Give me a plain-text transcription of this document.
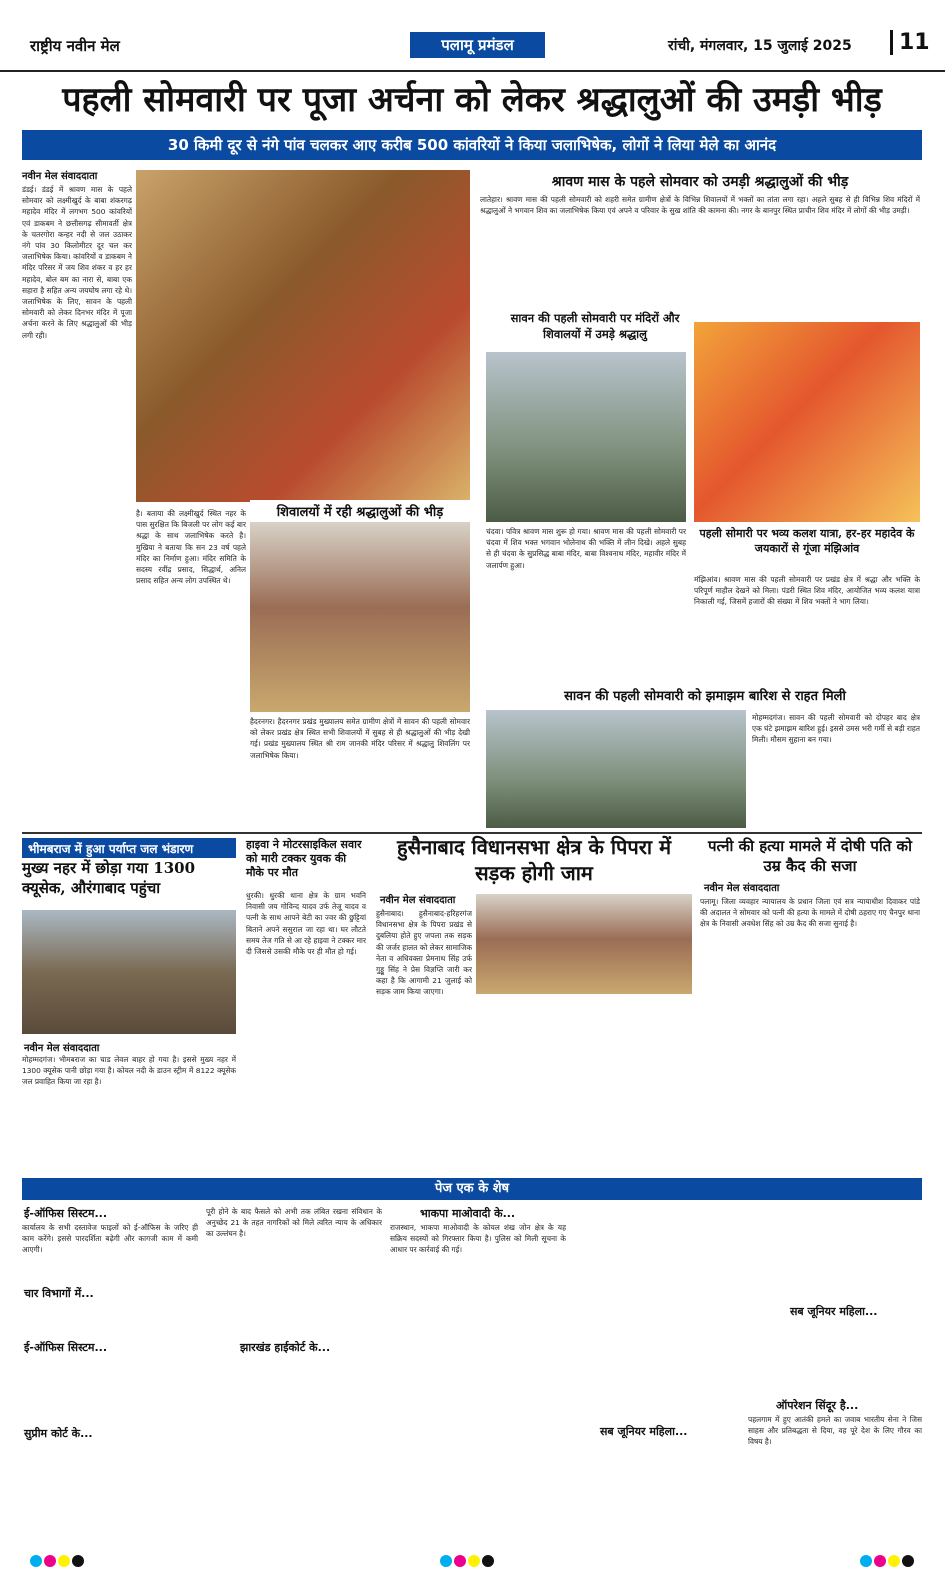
राष्ट्रीय नवीन मेल	पलामू प्रमंडल	रांची, मंगलवार, 15 जुलाई 2025	11
पहली सोमवारी पर पूजा अर्चना को लेकर श्रद्धालुओं की उमड़ी भीड़
30 किमी दूर से नंगे पांव चलकर आए करीब 500 कांवरियों ने किया जलाभिषेक, लोगों ने लिया मेले का आनंद
नवीन मेल संवाददाता
डंडई। डंडई में श्रावण मास के पहले सोमवार को लक्ष्मीखुर्द के बाबा शंकरगढ़ महादेव मंदिर में लगभग 500 कांवरियों एवं डाकबम ने छत्तीसगढ़ सीमावर्ती क्षेत्र के चतरगोरा कन्हर नदी से जल उठाकर नंगे पांव 30 किलोमीटर दूर चल कर जलाभिषेक किया। कांवरियों व डाकबम ने मंदिर परिसर में जय शिव शंकर व हर हर महादेव, बोल बम का नारा से, बाबा एक सहारा है सहित अन्य जयघोष लगा रहे थे। जलाभिषेक के लिए, सावन के पहली सोमवारी को लेकर दिनभर मंदिर में पूजा अर्चना करने के लिए श्रद्धालुओं की भीड़ लगी रही।
है। बताया की लक्ष्मीखुर्द स्थित नहर के पास सुरक्षित कि बिजली पर लोग कई बार श्रद्धा के साथ जलाभिषेक करते है। मुखिया ने बताया कि सन 23 वर्ष पहले मंदिर का निर्माण हुआ। मंदिर समिति के सदस्य रवींद्र प्रसाद, सिद्धार्थ, अनिल प्रसाद सहित अन्य लोग उपस्थित थे।
शिवालयों में रही श्रद्धालुओं की भीड़
हैदरनगर। हैदरनगर प्रखंड मुख्यालय समेत ग्रामीण क्षेत्रों में सावन की पहली सोमवार को लेकर प्रखंड क्षेत्र स्थित सभी शिवालयों में सुबह से ही श्रद्धालुओं की भीड़ देखी गई। प्रखंड मुख्यालय स्थित श्री राम जानकी मंदिर परिसर में श्रद्धालु शिवलिंग पर जलाभिषेक किया।
श्रावण मास के पहले सोमवार को उमड़ी श्रद्धालुओं की भीड़
लातेहार। श्रावण मास की पहली सोमवारी को शहरी समेत ग्रामीण क्षेत्रों के विभिन्न शिवालयों में भक्तों का तांता लगा रहा। अहले सुबह से ही विभिन्न शिव मंदिरों में श्रद्धालुओं ने भगवान शिव का जलाभिषेक किया एवं अपने व परिवार के सुख शांति की कामना की। नगर के बानपुर स्थित प्राचीन शिव मंदिर में लोगों की भीड़ उमड़ी।
सावन की पहली सोमवारी पर मंदिरों और शिवालयों में उमड़े श्रद्धालु
चंदवा। पवित्र श्रावण मास शुरू हो गया। श्रावण मास की पहली सोमवारी पर चंदवा में शिव भक्त भगवान भोलेनाथ की भक्ति में लीन दिखे। अहले सुबह से ही चंदवा के सुप्रसिद्ध बाबा मंदिर, बाबा विश्वनाथ मंदिर, महावीर मंदिर में जलार्पण हुआ।
पहली सोमारी पर भव्य कलश यात्रा, हर-हर महादेव के जयकारों से गूंजा मंझिआंव
मंझिआंव। श्रावण मास की पहली सोमवारी पर प्रखंड क्षेत्र में श्रद्धा और भक्ति के परिपूर्ण माहौल देखने को मिला। पंडरी स्थित शिव मंदिर, आयोजित भव्य कलश यात्रा निकाली गई, जिसमें हजारों की संख्या में शिव भक्तों ने भाग लिया।
सावन की पहली सोमवारी को झमाझम बारिश से राहत मिली
मोहम्मदगंज। सावन की पहली सोमवारी को दोपहर बाद क्षेत्र एक घंटे झमाझम बारिश हुई। इससे उमस भरी गर्मी से बड़ी राहत मिली। मौसम सुहाना बन गया।
भीमबराज में हुआ पर्याप्त जल भंडारण
मुख्य नहर में छोड़ा गया 1300 क्यूसेक, औरंगाबाद पहुंचा
नवीन मेल संवाददाता
मोहम्मदगंज। भीमबराज का चाड लेवल बाहर हो गया है। इससे मुख्य नहर में 1300 क्यूसेक पानी छोड़ा गया है। कोयल नदी के डाउन स्ट्रीम में 8122 क्यूसेक जल प्रवाहित किया जा रहा है।
हाइवा ने मोटरसाइकिल सवार को मारी टक्कर युवक की मौके पर मौत
धुरकी। धुरकी थाना क्षेत्र के ग्राम भवनि निवासी जय गोविन्द यादव उर्फ तेजू यादव व पत्नी के साथ आपने बेटी का ज्वर की छुट्टियां बिताने अपने ससुराल जा रहा था। घर लौटते समय तेज गति से आ रहे हाइवा ने टक्कर मार दी जिससे उसकी मौके पर ही मौत हो गई।
हुसैनाबाद विधानसभा क्षेत्र के पिपरा में सड़क होगी जाम
नवीन मेल संवाददाता
हुसैनाबाद। हुसैनाबाद-हरिहरगंज विधानसभा क्षेत्र के पिपरा प्रखंड से दुबलिया होते हुए जपला तक सड़क की जर्जर हालत को लेकर सामाजिक नेता व अधिवक्ता प्रेमनाथ सिंह उर्फ गुड्डू सिंह ने प्रेस विज्ञप्ति जारी कर कहा है कि आगामी 21 जुलाई को सड़क जाम किया जाएगा।
पत्नी की हत्या मामले में दोषी पति को उम्र कैद की सजा
नवीन मेल संवाददाता
पलामू। जिला व्यवहार न्यायालय के प्रधान जिला एवं सत्र न्यायाधीश दिवाकर पांडे की अदालत ने सोमवार को पत्नी की हत्या के मामले में दोषी ठहराए गए चैनपुर थाना क्षेत्र के निवासी अवधेश सिंह को उम्र कैद की सजा सुनाई है।
पेज एक के शेष
ई-ऑफिस सिस्टम...
कार्यालय के सभी दस्तावेज फाइलों को ई-ऑफिस के जरिए ही काम करेंगे। इससे पारदर्शिता बढ़ेगी और कागजी काम में कमी आएगी।
चार विभागों में...
ई-ऑफिस सिस्टम...
सुप्रीम कोर्ट के...
पूरी होने के बाद फैसले को अभी तक लंबित रखना संविधान के अनुच्छेद 21 के तहत नागरिकों को मिले त्वरित न्याय के अधिकार का उल्लंघन है।
झारखंड हाईकोर्ट के...
भाकपा माओवादी के...
राजस्थान, भाकपा माओवादी के कोयल शंख जोन क्षेत्र के यह सक्रिय सदस्यों को गिरफ्तार किया है। पुलिस को मिली सूचना के आधार पर कार्रवाई की गई।
सब जूनियर महिला...
सब जूनियर महिला...
ऑपरेशन सिंदूर है...
पहलगाम में हुए आतंकी हमले का जवाब भारतीय सेना ने जिस साहस और प्रतिबद्धता से दिया, वह पूरे देश के लिए गौरव का विषय है।
